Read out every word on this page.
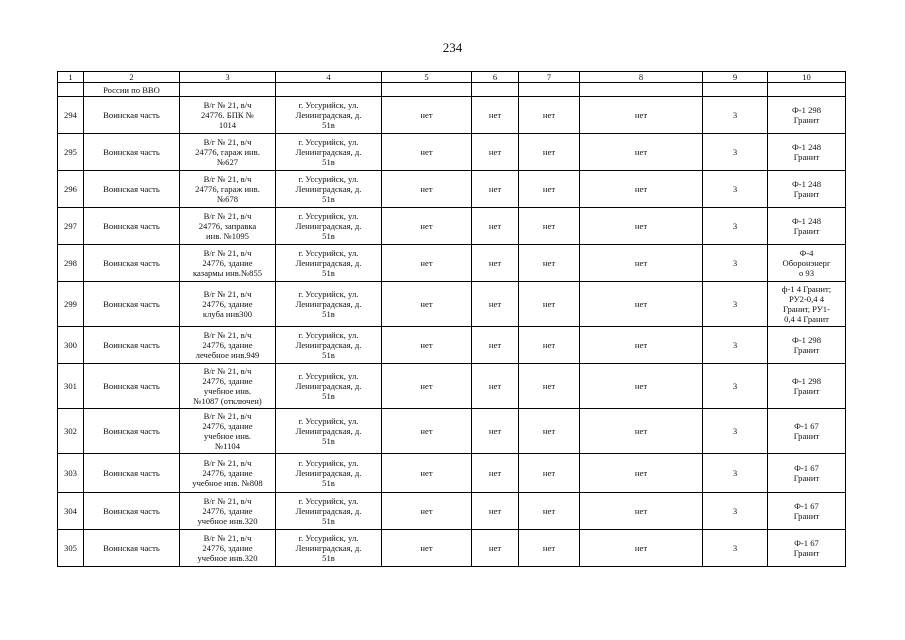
234
1	2	3	4	5	6	7	8	9	10
	России по ВВО								
294	Воинская часть	В/г № 21, в/ч
24776. БПК №
1014	г. Уссурийск, ул.
Ленинградская, д.
51в	нет	нет	нет	нет	3	Ф-1 298
Гранит
295	Воинская часть	В/г № 21, в/ч
24776, гараж инв.
№627	г. Уссурийск, ул.
Ленинградская, д.
51в	нет	нет	нет	нет	3	Ф-1 248
Гранит
296	Воинская часть	В/г № 21, в/ч
24776, гараж инв.
№678	г. Уссурийск, ул.
Ленинградская, д.
51в	нет	нет	нет	нет	3	Ф-1 248
Гранит
297	Воинская часть	В/г № 21, в/ч
24776, заправка
инв. №1095	г. Уссурийск, ул.
Ленинградская, д.
51в	нет	нет	нет	нет	3	Ф-1 248
Гранит
298	Воинская часть	В/г № 21, в/ч
24776, здание
казармы инв.№855	г. Уссурийск, ул.
Ленинградская, д.
51в	нет	нет	нет	нет	3	Ф-4
Оборонэнерг
о 93
299	Воинская часть	В/г № 21, в/ч
24776, здание
клуба инв300	г. Уссурийск, ул.
Ленинградская, д.
51в	нет	нет	нет	нет	3	ф-1 4 Гранит;
РУ2-0,4 4
Гранит, РУ1-
0,4 4 Гранит
300	Воинская часть	В/г № 21, в/ч
24776, здание
лечебное инв.949	г. Уссурийск, ул.
Ленинградская, д.
51в	нет	нет	нет	нет	3	Ф-1 298
Гранит
301	Воинская часть	В/г № 21, в/ч
24776, здание
учебное инв.
№1087 (отключен)	г. Уссурийск, ул.
Ленинградская, д.
51в	нет	нет	нет	нет	3	Ф-1 298
Гранит
302	Воинская часть	В/г № 21, в/ч
24776, здание
учебное инв.
№1104	г. Уссурийск, ул.
Ленинградская, д.
51в	нет	нет	нет	нет	3	Ф-1 67
Гранит
303	Воинская часть	В/г № 21, в/ч
24776, здание
учебное инв. №808	г. Уссурийск, ул.
Ленинградская, д.
51в	нет	нет	нет	нет	3	Ф-1 67
Гранит
304	Воинская часть	В/г № 21, в/ч
24776, здание
учебное инв.320	г. Уссурийск, ул.
Ленинградская, д.
51в	нет	нет	нет	нет	3	Ф-1 67
Гранит
305	Воинская часть	В/г № 21, в/ч
24776, здание
учебное инв.320	г. Уссурийск, ул.
Ленинградская, д.
51в	нет	нет	нет	нет	3	Ф-1 67
Гранит
